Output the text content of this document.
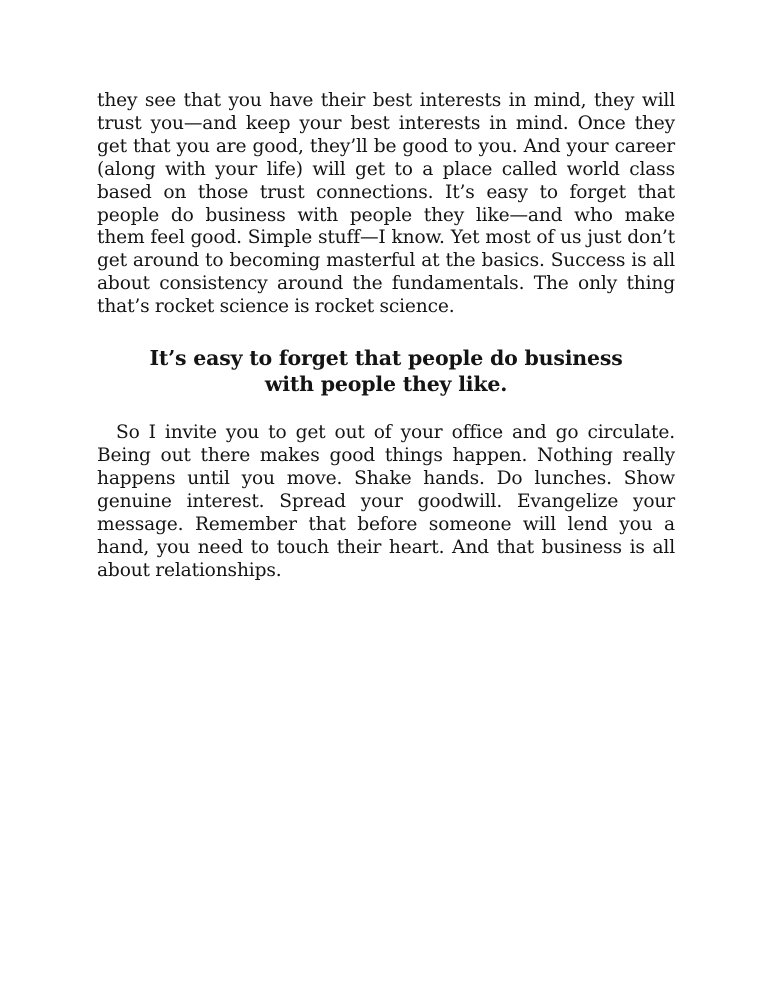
they see that you have their best interests in mind, they will trust you—and keep your best interests in mind. Once they get that you are good, they’ll be good to you. And your career (along with your life) will get to a place called world class based on those trust connections. It’s easy to forget that people do business with people they like—and who make them feel good. Simple stuff—I know. Yet most of us just don’t get around to becoming masterful at the basics. Success is all about consistency around the fundamentals. The only thing that’s rocket science is rocket science.

It’s easy to forget that people do business
with people they like.

So I invite you to get out of your office and go circulate. Being out there makes good things happen. Nothing really happens until you move. Shake hands. Do lunches. Show genuine interest. Spread your goodwill. Evangelize your message. Remember that before someone will lend you a hand, you need to touch their heart. And that business is all about relationships.
